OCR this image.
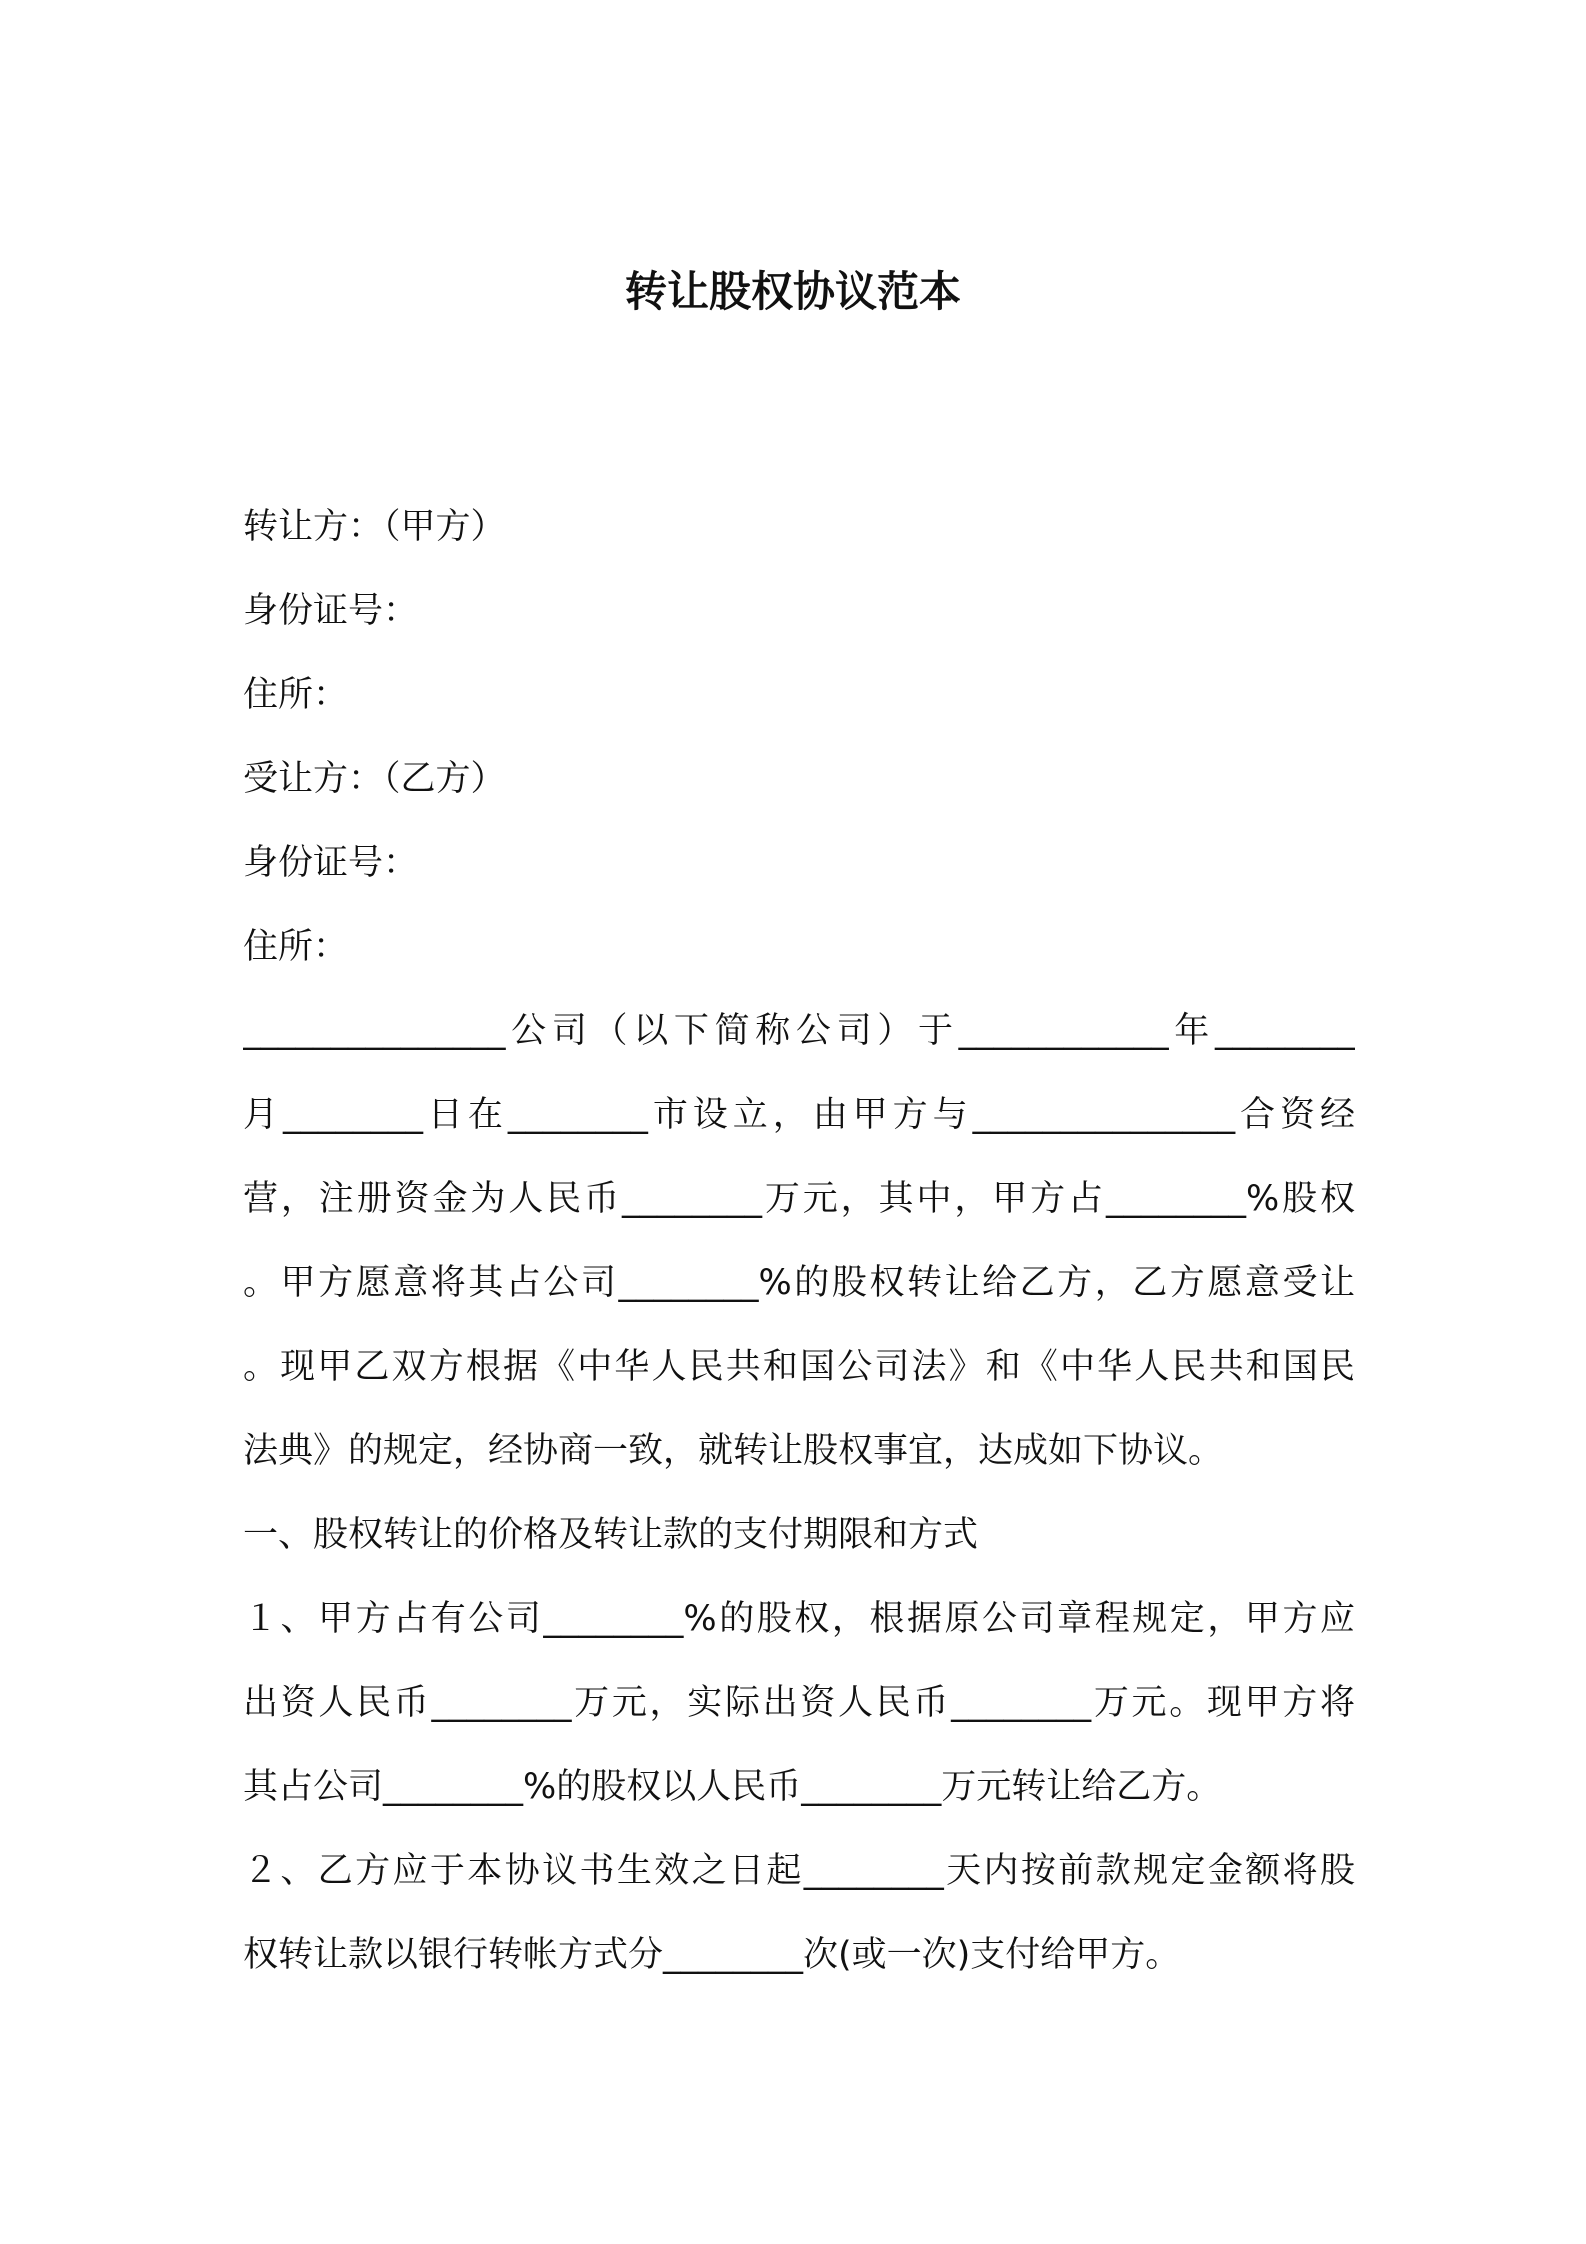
转让股权协议范本
转让方：（甲方）
身份证号：
住所：
受让方：（乙方）
身份证号：
住所：
_______________公司（以下简称公司）于____________年________
月________日在________市设立，由甲方与_______________合资经
营，注册资金为人民币________万元，其中，甲方占________%股权
。甲方愿意将其占公司________%的股权转让给乙方，乙方愿意受让
。现甲乙双方根据《中华人民共和国公司法》和《中华人民共和国民
法典》的规定，经协商一致，就转让股权事宜，达成如下协议。
一、股权转让的价格及转让款的支付期限和方式
１、甲方占有公司________%的股权，根据原公司章程规定，甲方应
出资人民币________万元，实际出资人民币________万元。现甲方将
其占公司________%的股权以人民币________万元转让给乙方。
２、乙方应于本协议书生效之日起________天内按前款规定金额将股
权转让款以银行转帐方式分________次(或一次)支付给甲方。
